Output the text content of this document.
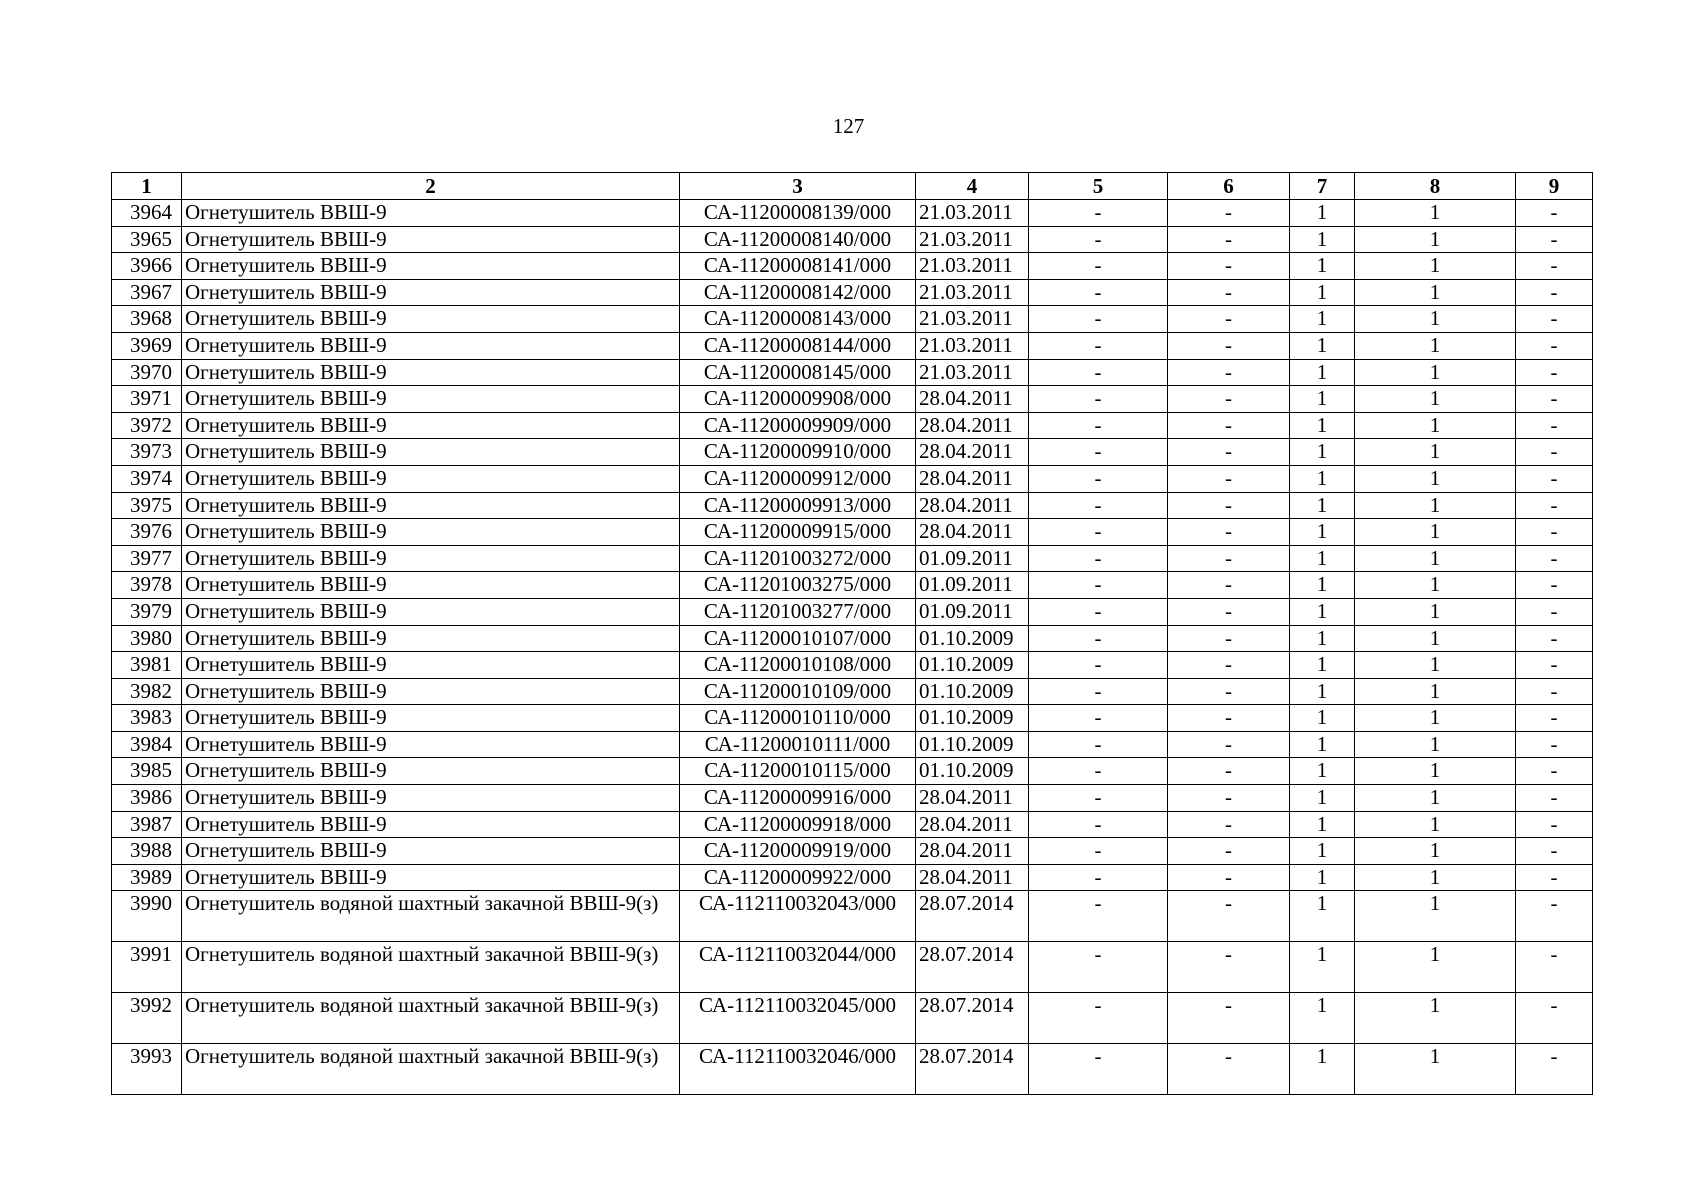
127
1	2	3	4	5	6	7	8	9
3964	Огнетушитель ВВШ-9	СА-11200008139/000	21.03.2011	-	-	1	1	-
3965	Огнетушитель ВВШ-9	СА-11200008140/000	21.03.2011	-	-	1	1	-
3966	Огнетушитель ВВШ-9	СА-11200008141/000	21.03.2011	-	-	1	1	-
3967	Огнетушитель ВВШ-9	СА-11200008142/000	21.03.2011	-	-	1	1	-
3968	Огнетушитель ВВШ-9	СА-11200008143/000	21.03.2011	-	-	1	1	-
3969	Огнетушитель ВВШ-9	СА-11200008144/000	21.03.2011	-	-	1	1	-
3970	Огнетушитель ВВШ-9	СА-11200008145/000	21.03.2011	-	-	1	1	-
3971	Огнетушитель ВВШ-9	СА-11200009908/000	28.04.2011	-	-	1	1	-
3972	Огнетушитель ВВШ-9	СА-11200009909/000	28.04.2011	-	-	1	1	-
3973	Огнетушитель ВВШ-9	СА-11200009910/000	28.04.2011	-	-	1	1	-
3974	Огнетушитель ВВШ-9	СА-11200009912/000	28.04.2011	-	-	1	1	-
3975	Огнетушитель ВВШ-9	СА-11200009913/000	28.04.2011	-	-	1	1	-
3976	Огнетушитель ВВШ-9	СА-11200009915/000	28.04.2011	-	-	1	1	-
3977	Огнетушитель ВВШ-9	СА-11201003272/000	01.09.2011	-	-	1	1	-
3978	Огнетушитель ВВШ-9	СА-11201003275/000	01.09.2011	-	-	1	1	-
3979	Огнетушитель ВВШ-9	СА-11201003277/000	01.09.2011	-	-	1	1	-
3980	Огнетушитель ВВШ-9	СА-11200010107/000	01.10.2009	-	-	1	1	-
3981	Огнетушитель ВВШ-9	СА-11200010108/000	01.10.2009	-	-	1	1	-
3982	Огнетушитель ВВШ-9	СА-11200010109/000	01.10.2009	-	-	1	1	-
3983	Огнетушитель ВВШ-9	СА-11200010110/000	01.10.2009	-	-	1	1	-
3984	Огнетушитель ВВШ-9	СА-11200010111/000	01.10.2009	-	-	1	1	-
3985	Огнетушитель ВВШ-9	СА-11200010115/000	01.10.2009	-	-	1	1	-
3986	Огнетушитель ВВШ-9	СА-11200009916/000	28.04.2011	-	-	1	1	-
3987	Огнетушитель ВВШ-9	СА-11200009918/000	28.04.2011	-	-	1	1	-
3988	Огнетушитель ВВШ-9	СА-11200009919/000	28.04.2011	-	-	1	1	-
3989	Огнетушитель ВВШ-9	СА-11200009922/000	28.04.2011	-	-	1	1	-
3990	Огнетушитель водяной шахтный закачной ВВШ-9(з)	СА-112110032043/000	28.07.2014	-	-	1	1	-
3991	Огнетушитель водяной шахтный закачной ВВШ-9(з)	СА-112110032044/000	28.07.2014	-	-	1	1	-
3992	Огнетушитель водяной шахтный закачной ВВШ-9(з)	СА-112110032045/000	28.07.2014	-	-	1	1	-
3993	Огнетушитель водяной шахтный закачной ВВШ-9(з)	СА-112110032046/000	28.07.2014	-	-	1	1	-
